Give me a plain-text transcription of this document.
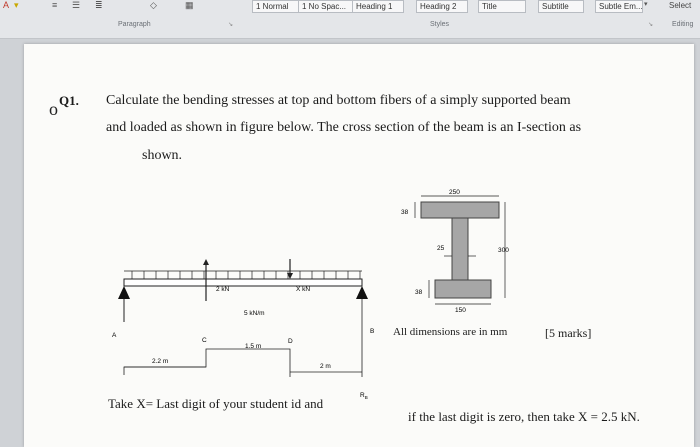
A ▾	≡ ☰ ≣	◇	▦	1 Normal	1 No Spac...	Heading 1	Heading 2	Title	Subtitle	Subtle Em... ▾	Select
Paragraph	↘	Styles	↘	Editing
Q1.
o	Calculate the bending stresses at top and bottom fibers of a simply supported beam
and loaded as shown in figure below. The cross section of the beam is an I-section as
shown.
2 kN	X kN
5 kN/m
A
B
C	D
2.2 m
1.5 m
2 m
$R_B$
250
38
25	300
38
150
All dimensions are in mm	[5 marks]
Take X= Last digit of your student id and
if the last digit is zero, then take X = 2.5 kN.
